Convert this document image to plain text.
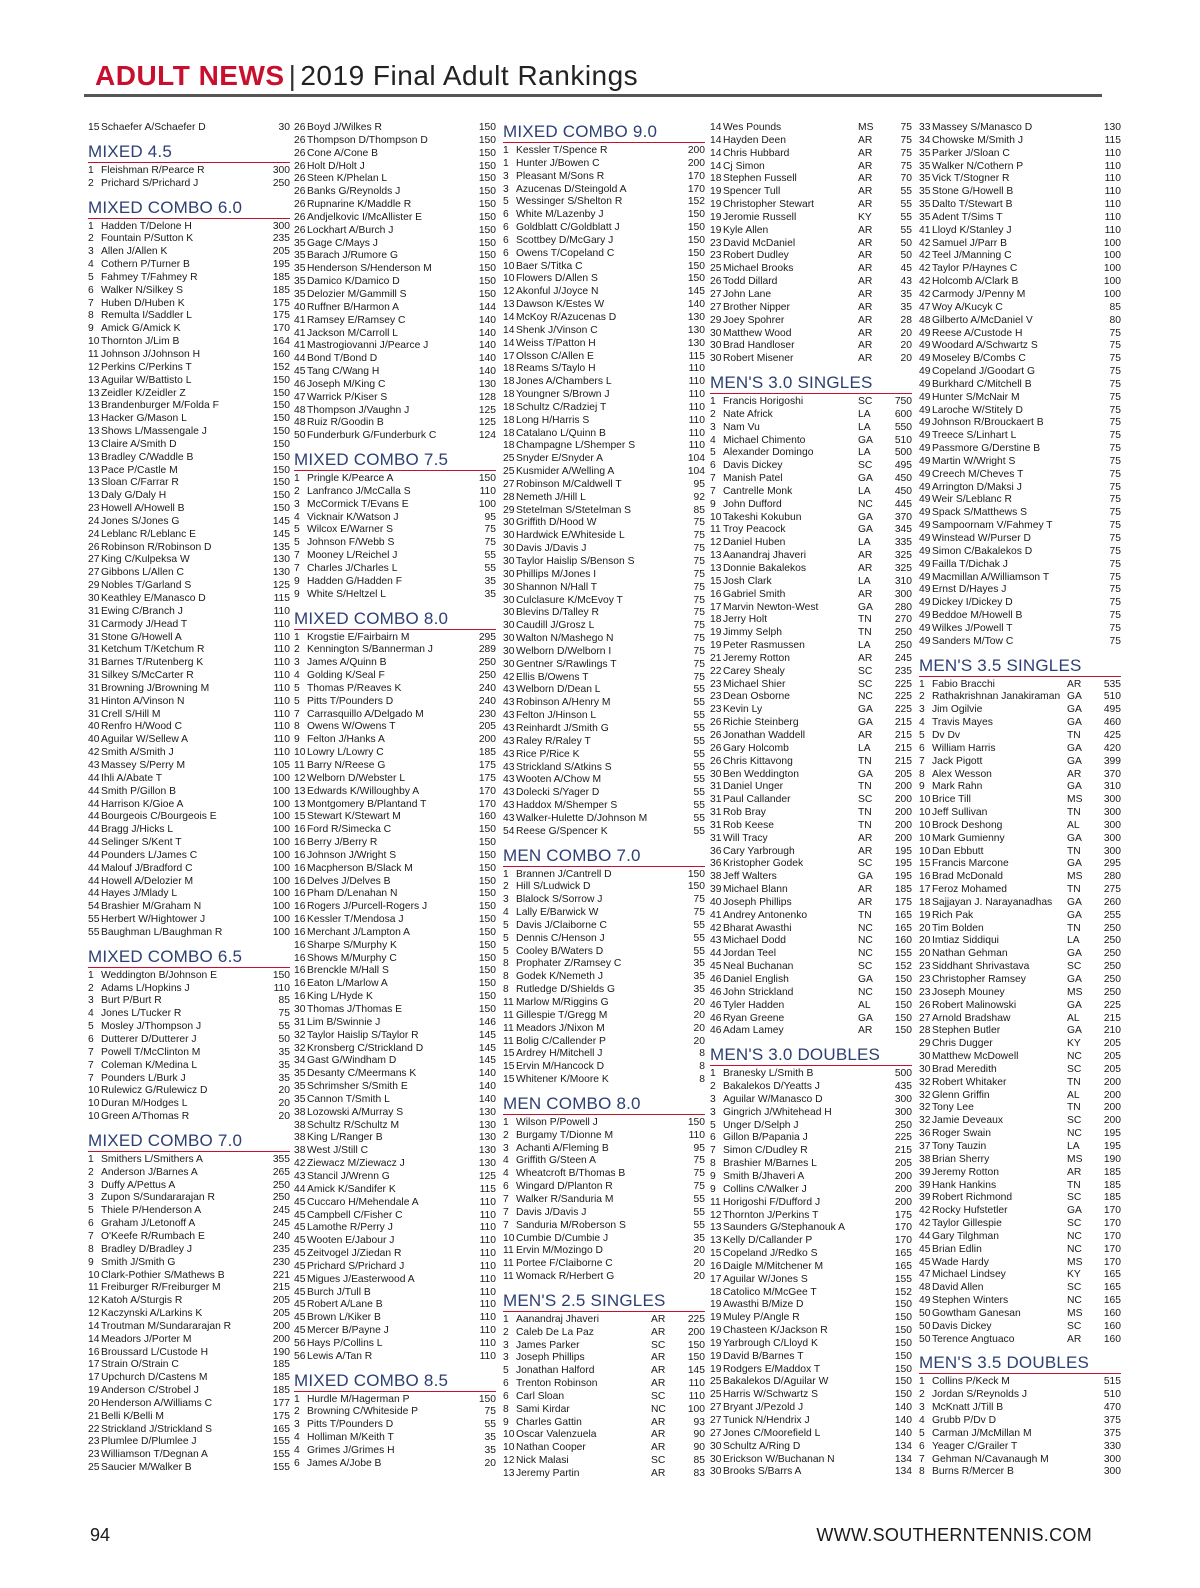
ADULT NEWS | 2019 Final Adult Rankings
15 Schaefer A/Schaefer D	30
MIXED 4.5
1 Fleishman R/Pearce R	300
2 Prichard S/Prichard J	250
MIXED COMBO 6.0
1 Hadden T/Delone H	300
2 Fountain P/Sutton K	235
3 Allen J/Allen K	205
4 Cothern P/Turner B	195
5 Fahmey T/Fahmey R	185
6 Walker N/Silkey S	185
7 Huben D/Huben K	175
8 Remulta I/Saddler L	175
9 Amick G/Amick K	170
10 Thornton J/Lim B	164
11 Johnson J/Johnson H	160
12 Perkins C/Perkins T	152
13 Aguilar W/Battisto L	150
13 Zeidler K/Zeidler Z	150
13 Brandenburger M/Folda F	150
13 Hacker G/Mason L	150
13 Shows L/Massengale J	150
13 Claire A/Smith D	150
13 Bradley C/Waddle B	150
13 Pace P/Castle M	150
13 Sloan C/Farrar R	150
13 Daly G/Daly H	150
23 Howell A/Howell B	150
24 Jones S/Jones G	145
24 Leblanc R/Leblanc E	145
26 Robinson R/Robinson D	135
27 King C/Kulpeksa W	130
27 Gibbons L/Allen C	130
29 Nobles T/Garland S	125
30 Keathley E/Manasco D	115
31 Ewing C/Branch J	110
31 Carmody J/Head T	110
31 Stone G/Howell A	110
31 Ketchum T/Ketchum R	110
31 Barnes T/Rutenberg K	110
31 Silkey S/McCarter R	110
31 Browning J/Browning M	110
31 Hinton A/Vinson N	110
31 Crell S/Hill M	110
40 Renfro H/Wood C	110
40 Aguilar W/Sellew A	110
42 Smith A/Smith J	110
43 Massey S/Perry M	105
44 Ihli A/Abate T	100
44 Smith P/Gillon B	100
44 Harrison K/Gioe A	100
44 Bourgeois C/Bourgeois E	100
44 Bragg J/Hicks L	100
44 Selinger S/Kent T	100
44 Pounders L/James C	100
44 Malouf J/Bradford C	100
44 Howell A/Delozier M	100
44 Hayes J/Mlady L	100
54 Brashier M/Graham N	100
55 Herbert W/Hightower J	100
55 Baughman L/Baughman R	100
MIXED COMBO 6.5
1 Weddington B/Johnson E	150
2 Adams L/Hopkins J	110
3 Burt P/Burt R	85
4 Jones L/Tucker R	75
5 Mosley J/Thompson J	55
6 Dutterer D/Dutterer J	50
7 Powell T/McClinton M	35
7 Coleman K/Medina L	35
7 Pounders L/Burk J	35
10 Rulewicz G/Rulewicz D	20
10 Duran M/Hodges L	20
10 Green A/Thomas R	20
MIXED COMBO 7.0
1 Smithers L/Smithers A	355
2 Anderson J/Barnes A	265
3 Duffy A/Pettus A	250
3 Zupon S/Sundararajan R	250
5 Thiele P/Henderson A	245
6 Graham J/Letonoff A	245
7 O'Keefe R/Rumbach E	240
8 Bradley D/Bradley J	235
9 Smith J/Smith G	230
10 Clark-Pothier S/Mathews B	221
11 Freiburger R/Freiburger M	215
12 Katoh A/Sturgis R	205
12 Kaczynski A/Larkins K	205
14 Troutman M/Sundararajan R	200
14 Meadors J/Porter M	200
16 Broussard L/Custode H	190
17 Strain O/Strain C	185
17 Upchurch D/Castens M	185
19 Anderson C/Strobel J	185
20 Henderson A/Williams C	177
21 Belli K/Belli M	175
22 Strickland J/Strickland S	165
23 Plumlee D/Plumlee J	155
23 Williamson T/Degnan A	155
25 Saucier M/Walker B	155
26 Boyd J/Wilkes R	150
26 Thompson D/Thompson D	150
26 Cone A/Cone B	150
26 Holt D/Holt J	150
26 Steen K/Phelan L	150
26 Banks G/Reynolds J	150
26 Rupnarine K/Maddle R	150
26 Andjelkovic I/McAllister E	150
26 Lockhart A/Burch J	150
35 Gage C/Mays J	150
35 Barach J/Rumore G	150
35 Henderson S/Henderson M	150
35 Damico K/Damico D	150
35 Delozier M/Gammill S	150
40 Ruffner B/Harmon A	144
41 Ramsey E/Ramsey C	140
41 Jackson M/Carroll L	140
41 Mastrogiovanni J/Pearce J	140
44 Bond T/Bond D	140
45 Tang C/Wang H	140
46 Joseph M/King C	130
47 Warrick P/Kiser S	128
48 Thompson J/Vaughn J	125
48 Ruiz R/Goodin B	125
50 Funderburk G/Funderburk C	124
MIXED COMBO 7.5
1 Pringle K/Pearce A	150
2 Lanfranco J/McCalla S	110
3 McCormick T/Evans E	100
4 Vicknair K/Watson J	95
5 Wilcox E/Warner S	75
5 Johnson F/Webb S	75
7 Mooney L/Reichel J	55
7 Charles J/Charles L	55
9 Hadden G/Hadden F	35
9 White S/Heltzel L	35
MIXED COMBO 8.0
1 Krogstie E/Fairbairn M	295
2 Kennington S/Bannerman J	289
3 James A/Quinn B	250
4 Golding K/Seal F	250
5 Thomas P/Reaves K	240
5 Pitts T/Pounders D	240
7 Carrasquillo A/Delgado M	230
8 Owens W/Owens T	205
9 Felton J/Hanks A	200
10 Lowry L/Lowry C	185
11 Barry N/Reese G	175
12 Welborn D/Webster L	175
13 Edwards K/Willoughby A	170
13 Montgomery B/Plantand T	170
15 Stewart K/Stewart M	160
16 Ford R/Simecka C	150
16 Berry J/Berry R	150
16 Johnson J/Wright S	150
16 Macpherson B/Slack M	150
16 Delves J/Delves B	150
16 Pham D/Lenahan N	150
16 Rogers J/Purcell-Rogers J	150
16 Kessler T/Mendosa J	150
16 Merchant J/Lampton A	150
16 Sharpe S/Murphy K	150
16 Shows M/Murphy C	150
16 Brenckle M/Hall S	150
16 Eaton L/Marlow A	150
16 King L/Hyde K	150
30 Thomas J/Thomas E	150
31 Lim B/Swinnie J	146
32 Taylor Haislip S/Taylor R	145
32 Kronsberg C/Strickland D	145
34 Gast G/Windham D	145
35 Desanty C/Meermans K	140
35 Schrimsher S/Smith E	140
35 Cannon T/Smith L	140
38 Lozowski A/Murray S	130
38 Schultz R/Schultz M	130
38 King L/Ranger B	130
38 West J/Still C	130
42 Ziewacz M/Ziewacz J	130
43 Stancil J/Wrenn G	125
44 Amick K/Sandifer K	115
45 Cuccaro H/Mehendale A	110
45 Campbell C/Fisher C	110
45 Lamothe R/Perry J	110
45 Wooten E/Jabour J	110
45 Zeitvogel J/Ziedan R	110
45 Prichard S/Prichard J	110
45 Migues J/Easterwood A	110
45 Burch J/Tull B	110
45 Robert A/Lane B	110
45 Brown L/Kiker B	110
45 Mercer B/Payne J	110
56 Hays P/Collins L	110
56 Lewis A/Tan R	110
MIXED COMBO 8.5
1 Hurdle M/Hagerman P	150
2 Browning C/Whiteside P	75
3 Pitts T/Pounders D	55
4 Holliman M/Keith T	35
4 Grimes J/Grimes H	35
6 James A/Jobe B	20
MIXED COMBO 9.0
1 Kessler T/Spence R	200
1 Hunter J/Bowen C	200
3 Pleasant M/Sons R	170
3 Azucenas D/Steingold A	170
5 Wessinger S/Shelton R	152
6 White M/Lazenby J	150
6 Goldblatt C/Goldblatt J	150
6 Scottbey D/McGary J	150
6 Owens T/Copeland C	150
10 Baer S/Titka C	150
10 Flowers D/Allen S	150
12 Akonful J/Joyce N	145
13 Dawson K/Estes W	140
14 McKoy R/Azucenas D	130
14 Shenk J/Vinson C	130
14 Weiss T/Patton H	130
17 Olsson C/Allen E	115
18 Reams S/Taylo H	110
18 Jones A/Chambers L	110
18 Youngner S/Brown J	110
18 Schultz C/Radziej T	110
18 Long H/Harris S	110
18 Catalano L/Quinn B	110
18 Champagne L/Shemper S	110
25 Snyder E/Snyder A	104
25 Kusmider A/Welling A	104
27 Robinson M/Caldwell T	95
28 Nemeth J/Hill L	92
29 Stetelman S/Stetelman S	85
30 Griffith D/Hood W	75
30 Hardwick E/Whiteside L	75
30 Davis J/Davis J	75
30 Taylor Haislip S/Benson S	75
30 Phillips M/Jones I	75
30 Shannon N/Hall T	75
30 Culclasure K/McEvoy T	75
30 Blevins D/Talley R	75
30 Caudill J/Grosz L	75
30 Walton N/Mashego N	75
30 Welborn D/Welborn I	75
30 Gentner S/Rawlings T	75
42 Ellis B/Owens T	75
43 Welborn D/Dean L	55
43 Robinson A/Henry M	55
43 Felton J/Hinson L	55
43 Reinhardt J/Smith G	55
43 Raley R/Raley T	55
43 Rice P/Rice K	55
43 Strickland S/Atkins S	55
43 Wooten A/Chow M	55
43 Dolecki S/Yager D	55
43 Haddox M/Shemper S	55
43 Walker-Hulette D/Johnson M	55
54 Reese G/Spencer K	55
MEN COMBO 7.0
1 Brannen J/Cantrell D	150
2 Hill S/Ludwick D	150
3 Blalock S/Sorrow J	75
4 Lally E/Barwick W	75
5 Davis J/Claiborne C	55
5 Dennis C/Henson J	55
5 Cooley B/Waters D	55
8 Prophater Z/Ramsey C	35
8 Godek K/Nemeth J	35
8 Rutledge D/Shields G	35
11 Marlow M/Riggins G	20
11 Gillespie T/Gregg M	20
11 Meadors J/Nixon M	20
11 Bolig C/Callender P	20
15 Ardrey H/Mitchell J	8
15 Ervin M/Hancock D	8
15 Whitener K/Moore K	8
MEN COMBO 8.0
1 Wilson P/Powell J	150
2 Burgamy T/Dionne M	110
3 Achanti A/Fleming B	95
4 Griffith G/Steen A	75
4 Wheatcroft B/Thomas B	75
6 Wingard D/Planton R	75
7 Walker R/Sanduria M	55
7 Davis J/Davis J	55
7 Sanduria M/Roberson S	55
10 Cumbie D/Cumbie J	35
11 Ervin M/Mozingo D	20
11 Portee F/Claiborne C	20
11 Womack R/Herbert G	20
MEN'S 2.5 SINGLES
1 Aanandraj Jhaveri	AR	225
2 Caleb De La Paz	AR	200
3 James Parker	SC	150
3 Joseph Phillips	AR	150
5 Jonathan Halford	AR	145
6 Trenton Robinson	AR	110
6 Carl Sloan	SC	110
8 Sami Kirdar	NC	100
9 Charles Gattin	AR	93
10 Oscar Valenzuela	AR	90
10 Nathan Cooper	AR	90
12 Nick Malasi	SC	85
13 Jeremy Partin	AR	83
14 Wes Pounds	MS	75
14 Hayden Deen	AR	75
14 Chris Hubbard	AR	75
14 Cj Simon	AR	75
18 Stephen Fussell	AR	70
19 Spencer Tull	AR	55
19 Christopher Stewart	AR	55
19 Jeromie Russell	KY	55
19 Kyle Allen	AR	55
23 David McDaniel	AR	50
23 Robert Dudley	AR	50
25 Michael Brooks	AR	45
26 Todd Dillard	AR	43
27 John Lane	AR	35
27 Brother Nipper	AR	35
29 Joey Spohrer	AR	28
30 Matthew Wood	AR	20
30 Brad Handloser	AR	20
30 Robert Misener	AR	20
MEN'S 3.0 SINGLES
1 Francis Horigoshi	SC	750
2 Nate Africk	LA	600
3 Nam Vu	LA	550
4 Michael Chimento	GA	510
5 Alexander Domingo	LA	500
6 Davis Dickey	SC	495
7 Manish Patel	GA	450
7 Cantrelle Monk	LA	450
9 John Dufford	NC	445
10 Takeshi Kokubun	GA	370
11 Troy Peacock	GA	345
12 Daniel Huben	LA	335
13 Aanandraj Jhaveri	AR	325
13 Donnie Bakalekos	AR	325
15 Josh Clark	LA	310
16 Gabriel Smith	AR	300
17 Marvin Newton-West	GA	280
18 Jerry Holt	TN	270
19 Jimmy Selph	TN	250
19 Peter Rasmussen	LA	250
21 Jeremy Rotton	AR	245
22 Carey Shealy	SC	235
23 Michael Shier	SC	225
23 Dean Osborne	NC	225
23 Kevin Ly	GA	225
26 Richie Steinberg	GA	215
26 Jonathan Waddell	AR	215
26 Gary Holcomb	LA	215
26 Chris Kittavong	TN	215
30 Ben Weddington	GA	205
31 Daniel Unger	TN	200
31 Paul Callander	SC	200
31 Rob Bray	TN	200
31 Rob Keese	TN	200
31 Will Tracy	AR	200
36 Cary Yarbrough	AR	195
36 Kristopher Godek	SC	195
38 Jeff Walters	GA	195
39 Michael Blann	AR	185
40 Joseph Phillips	AR	175
41 Andrey Antonenko	TN	165
42 Bharat Awasthi	NC	165
43 Michael Dodd	NC	160
44 Jordan Teel	NC	155
45 Neal Buchanan	SC	152
46 Daniel English	GA	150
46 John Strickland	NC	150
46 Tyler Hadden	AL	150
46 Ryan Greene	GA	150
46 Adam Lamey	AR	150
MEN'S 3.0 DOUBLES
1 Branesky L/Smith B	500
2 Bakalekos D/Yeatts J	435
3 Aguilar W/Manasco D	300
3 Gingrich J/Whitehead H	300
5 Unger D/Selph J	250
6 Gillon B/Papania J	225
7 Simon C/Dudley R	215
8 Brashier M/Barnes L	205
9 Smith B/Jhaveri A	200
9 Collins C/Walker J	200
11 Horigoshi F/Dufford J	200
12 Thornton J/Perkins T	175
13 Saunders G/Stephanouk A	170
13 Kelly D/Callander P	170
15 Copeland J/Redko S	165
16 Daigle M/Mitchener M	165
17 Aguilar W/Jones S	155
18 Catolico M/McGee T	152
19 Awasthi B/Mize D	150
19 Muley P/Angle R	150
19 Chasteen K/Jackson R	150
19 Yarbrough C/Lloyd K	150
19 David B/Barnes T	150
19 Rodgers E/Maddox T	150
25 Bakalekos D/Aguilar W	150
25 Harris W/Schwartz S	150
27 Bryant J/Pezold J	140
27 Tunick N/Hendrix J	140
27 Jones C/Moorefield L	140
30 Schultz A/Ring D	134
30 Erickson W/Buchanan N	134
30 Brooks S/Barrs A	134
33 Massey S/Manasco D	130
34 Chowske M/Smith J	115
35 Parker J/Sloan C	110
35 Walker N/Cothern P	110
35 Vick T/Stogner R	110
35 Stone G/Howell B	110
35 Dalto T/Stewart B	110
35 Adent T/Sims T	110
41 Lloyd K/Stanley J	110
42 Samuel J/Parr B	100
42 Teel J/Manning C	100
42 Taylor P/Haynes C	100
42 Holcomb A/Clark B	100
42 Carmody J/Penny M	100
47 Woy A/Kucyk C	85
48 Gilberto A/McDaniel V	80
49 Reese A/Custode H	75
49 Woodard A/Schwartz S	75
49 Moseley B/Combs C	75
49 Copeland J/Goodart G	75
49 Burkhard C/Mitchell B	75
49 Hunter S/McNair M	75
49 Laroche W/Stitely D	75
49 Johnson R/Brouckaert B	75
49 Treece S/Linhart L	75
49 Passmore G/Derstine B	75
49 Martin W/Wright S	75
49 Creech M/Cheves T	75
49 Arrington D/Maksi J	75
49 Weir S/Leblanc R	75
49 Spack S/Matthews S	75
49 Sampoornam V/Fahmey T	75
49 Winstead W/Purser D	75
49 Simon C/Bakalekos D	75
49 Failla T/Dichak J	75
49 Macmillan A/Williamson T	75
49 Ernst D/Hayes J	75
49 Dickey I/Dickey D	75
49 Beddoe M/Howell B	75
49 Wilkes J/Powell T	75
49 Sanders M/Tow C	75
MEN'S 3.5 SINGLES
1 Fabio Bracchi	AR	535
2 Rathakrishnan Janakiraman GA	510
3 Jim Ogilvie	GA	495
4 Travis Mayes	GA	460
5 Dv Dv	TN	425
6 William Harris	GA	420
7 Jack Pigott	GA	399
8 Alex Wesson	AR	370
9 Mark Rahn	GA	310
10 Brice Till	MS	300
10 Jeff Sullivan	TN	300
10 Brock Deshong	AL	300
10 Mark Gumienny	GA	300
10 Dan Ebbutt	TN	300
15 Francis Marcone	GA	295
16 Brad McDonald	MS	280
17 Feroz Mohamed	TN	275
18 Sajjayan J. Narayanadhas	GA	260
19 Rich Pak	GA	255
20 Tim Bolden	TN	250
20 Imtiaz Siddiqui	LA	250
20 Nathan Gehman	GA	250
23 Siddhant Shrivastava	SC	250
23 Christopher Ramsey	GA	250
23 Joseph Mouney	MS	250
26 Robert Malinowski	GA	225
27 Arnold Bradshaw	AL	215
28 Stephen Butler	GA	210
29 Chris Dugger	KY	205
30 Matthew McDowell	NC	205
30 Brad Meredith	SC	205
32 Robert Whitaker	TN	200
32 Glenn Griffin	AL	200
32 Tony Lee	TN	200
32 Jamie Deveaux	SC	200
36 Roger Swain	NC	195
37 Tony Tauzin	LA	195
38 Brian Sherry	MS	190
39 Jeremy Rotton	AR	185
39 Hank Hankins	TN	185
39 Robert Richmond	SC	185
42 Rocky Hufstetler	GA	170
42 Taylor Gillespie	SC	170
44 Gary Tilghman	NC	170
45 Brian Edlin	NC	170
45 Wade Hardy	MS	170
47 Michael Lindsey	KY	165
48 David Allen	SC	165
49 Stephen Winters	NC	165
50 Gowtham Ganesan	MS	160
50 Davis Dickey	SC	160
50 Terence Angtuaco	AR	160
MEN'S 3.5 DOUBLES
1 Collins P/Keck M	515
2 Jordan S/Reynolds J	510
3 McKnatt J/Till B	470
4 Grubb P/Dv D	375
5 Carman J/McMillan M	375
6 Yeager C/Grailer T	330
7 Gehman N/Cavanaugh M	300
8 Burns R/Mercer B	300
94	WWW.SOUTHERNTENNIS.COM
